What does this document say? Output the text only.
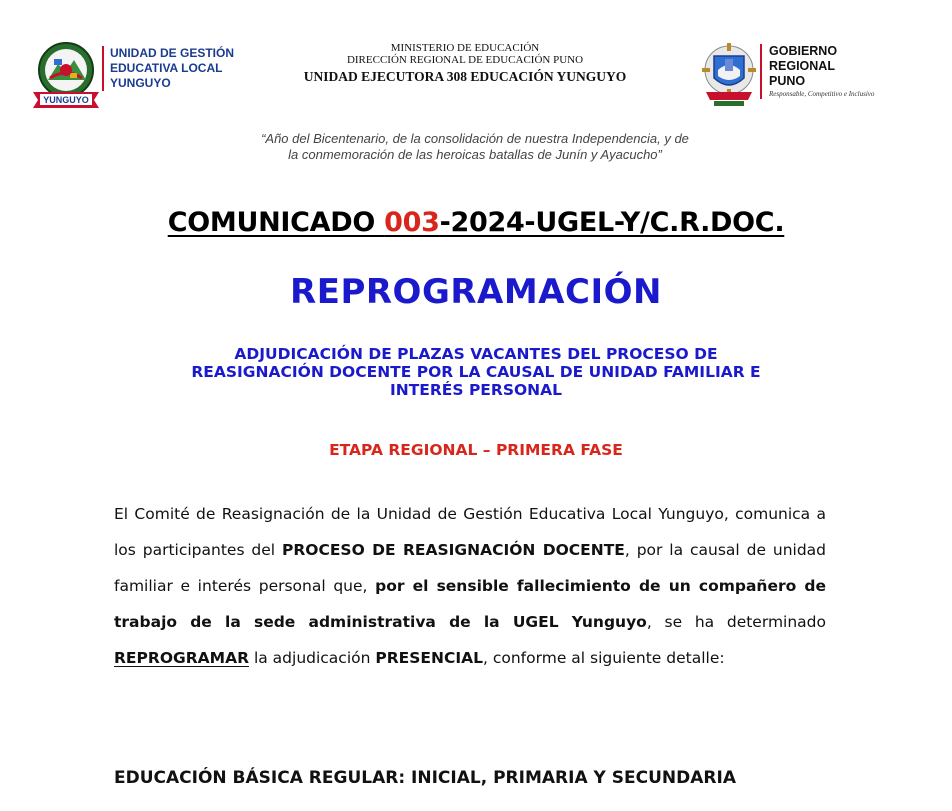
YUNGUYO
UNIDAD DE GESTIÓN
EDUCATIVA LOCAL
YUNGUYO
MINISTERIO DE EDUCACIÓN
DIRECCIÓN REGIONAL DE EDUCACIÓN PUNO
UNIDAD EJECUTORA 308 EDUCACIÓN YUNGUYO
GOBIERNO
REGIONAL
PUNO
Responsable, Competitivo e Inclusivo
“Año del Bicentenario, de la consolidación de nuestra Independencia, y de
la conmemoración de las heroicas batallas de Junín y Ayacucho”
COMUNICADO 003-2024-UGEL-Y/C.R.DOC.
REPROGRAMACIÓN
ADJUDICACIÓN DE PLAZAS VACANTES DEL PROCESO DE
REASIGNACIÓN DOCENTE POR LA CAUSAL DE UNIDAD FAMILIAR E
INTERÉS PERSONAL
ETAPA REGIONAL – PRIMERA FASE
El Comité de Reasignación de la Unidad de Gestión Educativa Local Yunguyo, comunica a los participantes del PROCESO DE REASIGNACIÓN DOCENTE, por la causal de unidad familiar e interés personal que, por el sensible fallecimiento de un compañero de trabajo de la sede administrativa de la UGEL Yunguyo, se ha determinado REPROGRAMAR la adjudicación PRESENCIAL, conforme al siguiente detalle:
EDUCACIÓN BÁSICA REGULAR: INICIAL, PRIMARIA Y SECUNDARIA
